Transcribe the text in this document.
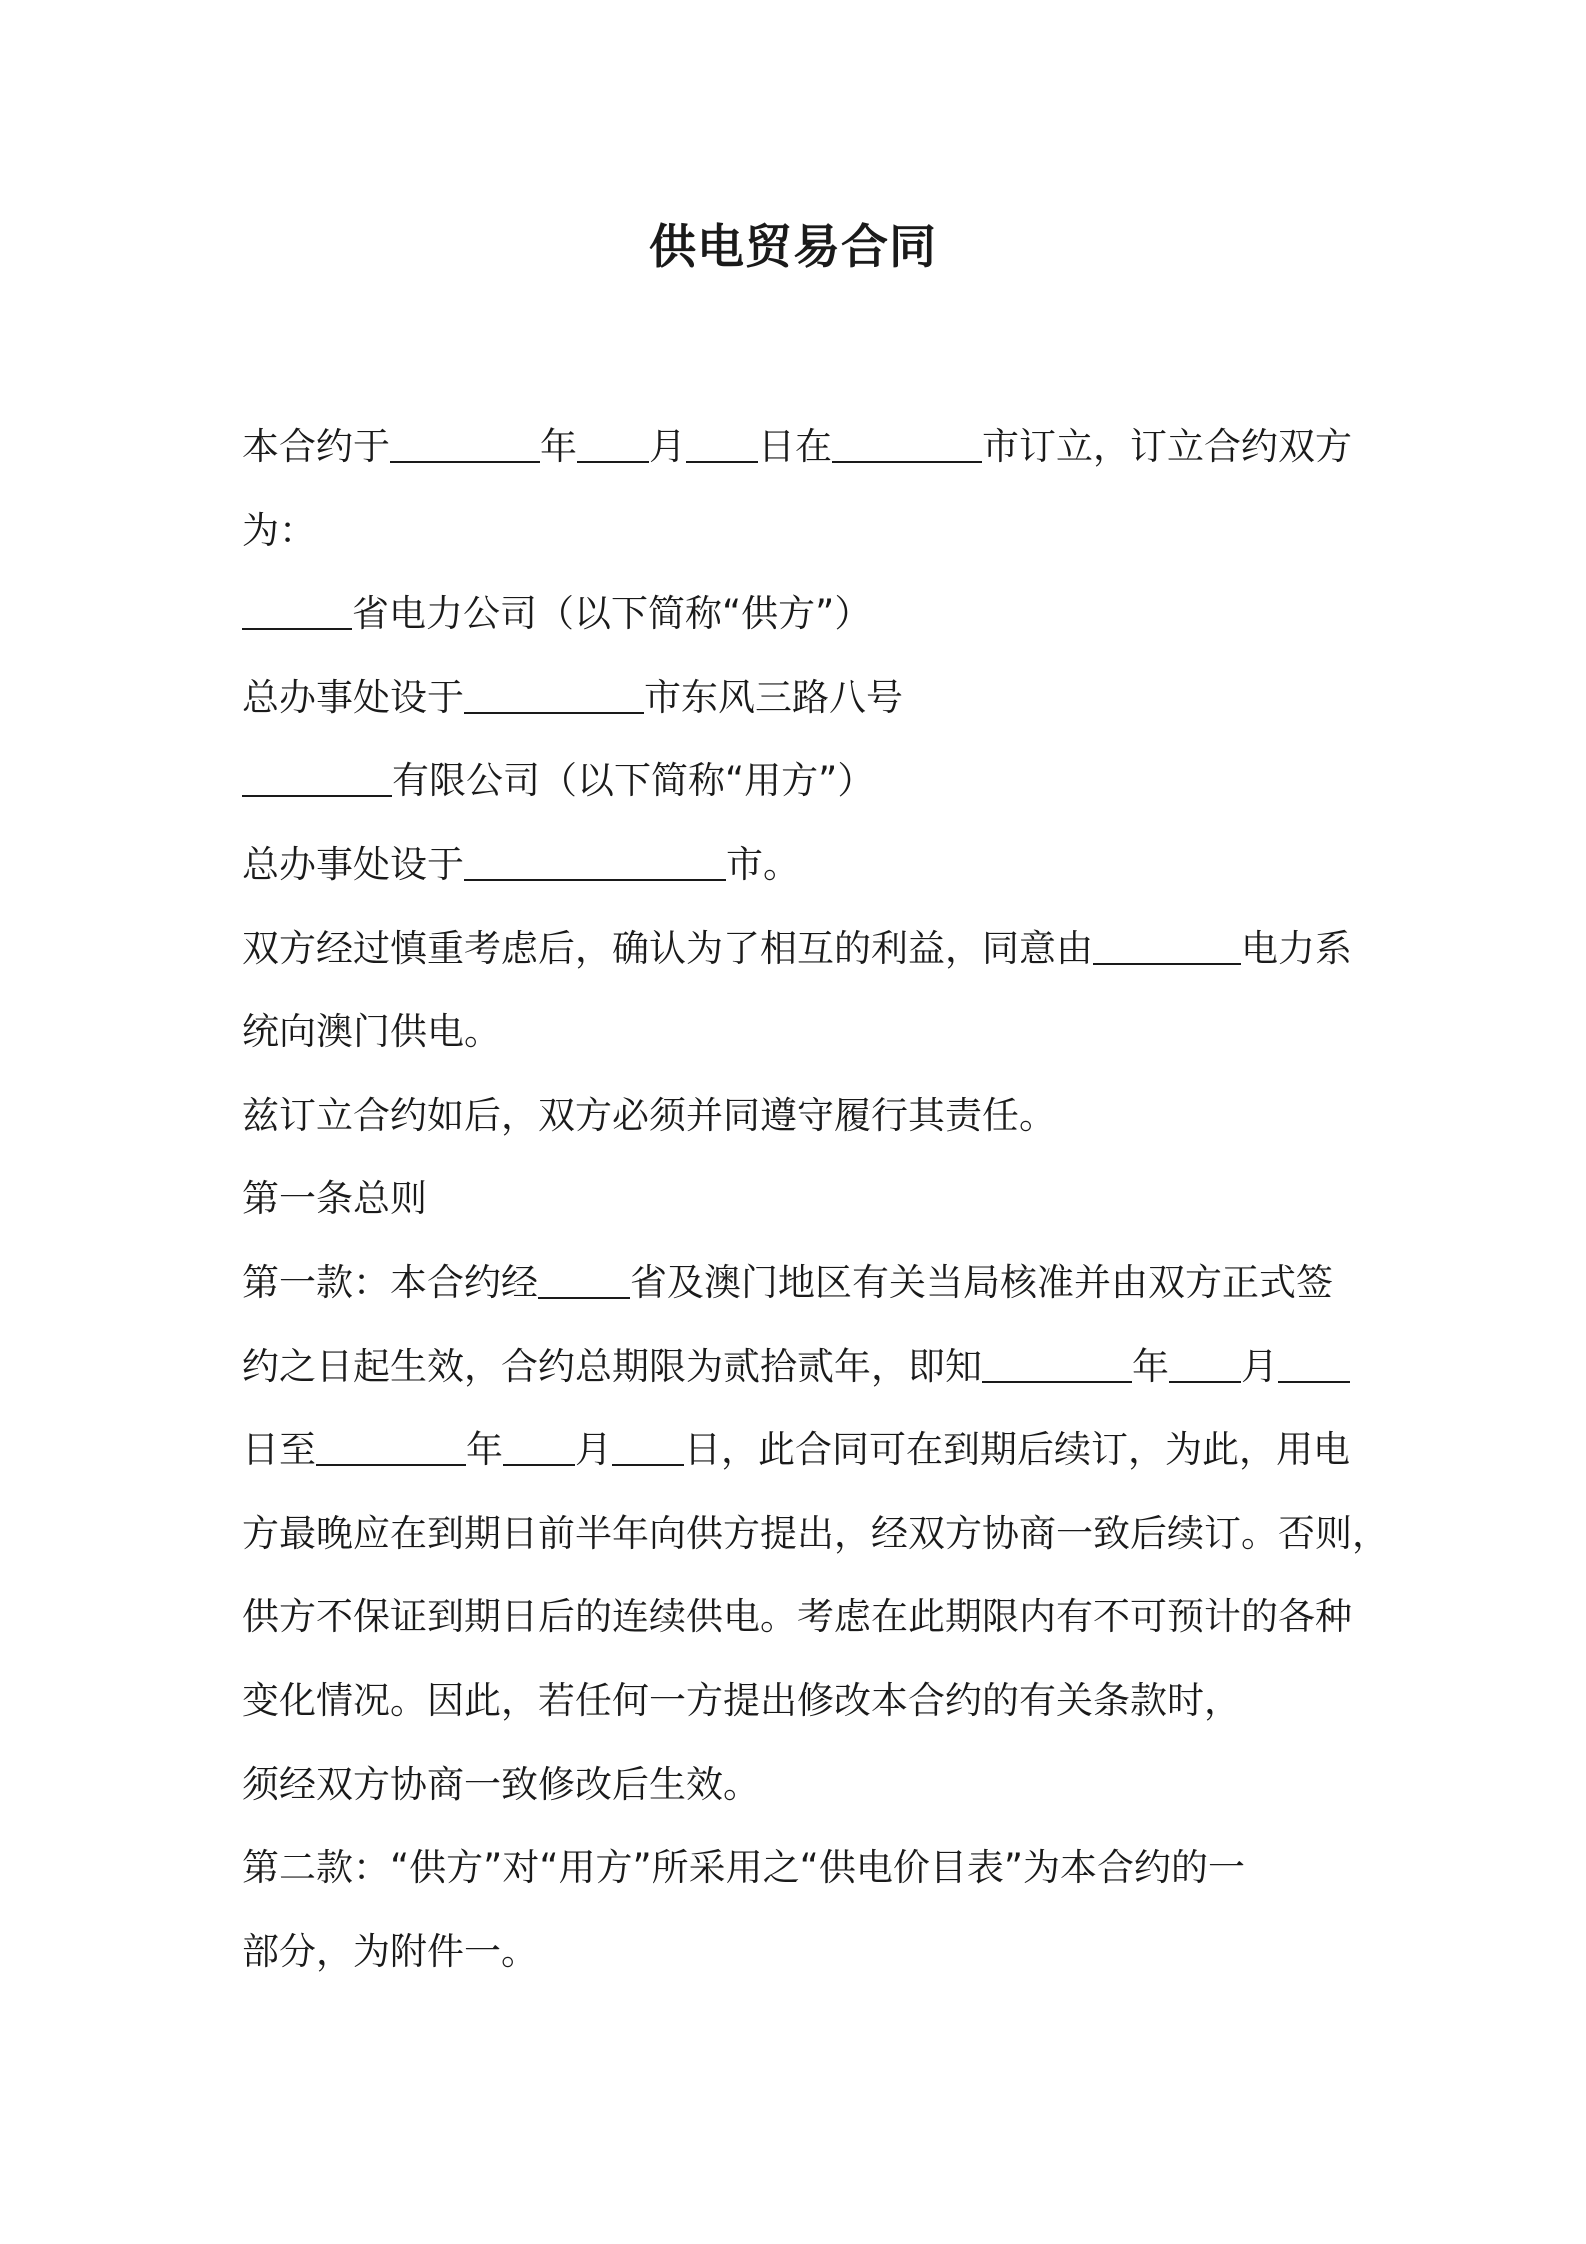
供电贸易合同
本合约于	年 月 日在	市订立，订立合约双方
为：
省电力公司（以下简称“供方”）
总办事处设于	市东风三路八号
有限公司（以下简称“用方”）
总办事处设于	市。
双方经过慎重考虑后，确认为了相互的利益，同意由	电力系
统向澳门供电。
兹订立合约如后，双方必须并同遵守履行其责任。
第一条总则
第一款：本合约经 省及澳门地区有关当局核准并由双方正式签
约之日起生效，合约总期限为贰拾贰年，即知	年 月
日至	年 月 日，此合同可在到期后续订，为此，用电
方最晚应在到期日前半年向供方提出，经双方协商一致后续订。否则，
供方不保证到期日后的连续供电。考虑在此期限内有不可预计的各种
变化情况。因此，若任何一方提出修改本合约的有关条款时，
须经双方协商一致修改后生效。
第二款：“供方”对“用方”所采用之“供电价目表”为本合约的一
部分，为附件一。
